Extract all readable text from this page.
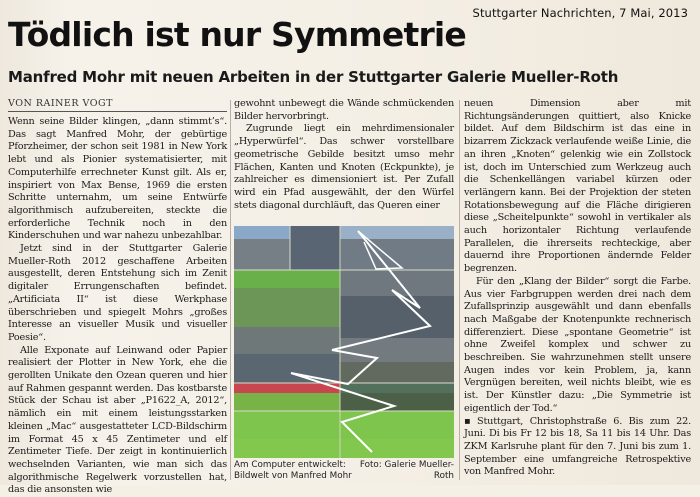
Stuttgarter Nachrichten, 7 Mai, 2013
Tödlich ist nur Symmetrie
Manfred Mohr mit neuen Arbeiten in der Stuttgarter Galerie Mueller-Roth
VON RAINER VOGT

Wenn seine Bilder klingen, „dann stimmt’s“. Das sagt Manfred Mohr, der gebürtige Pforzheimer, der schon seit 1981 in New York lebt und als Pionier systematisierter, mit Computerhilfe errechneter Kunst gilt. Als er, inspiriert von Max Bense, 1969 die ersten Schritte unternahm, um seine Entwürfe algorithmisch aufzubereiten, steckte die erforderliche Technik noch in den Kinderschuhen und war nahezu unbezahlbar.

Jetzt sind in der Stuttgarter Galerie Mueller-Roth 2012 geschaffene Arbeiten ausgestellt, deren Entstehung sich im Zenit digitaler Errungenschaften befindet. „Artificiata II“ ist diese Werkphase überschrieben und spiegelt Mohrs „großes Interesse an visueller Musik und visueller Poesie“.

Alle Exponate auf Leinwand oder Papier realisiert der Plotter in New York, ehe die gerollten Unikate den Ozean queren und hier auf Rahmen gespannt werden. Das kostbarste Stück der Schau ist aber „P1622_A, 2012“, nämlich ein mit einem leistungsstarken kleinen „Mac“ ausgestatteter LCD-Bildschirm im Format 45 x 45 Zentimeter und elf Zentimeter Tiefe. Der zeigt in kontinuierlich wechselnden Varianten, wie man sich das algorithmische Regelwerk vorzustellen hat, das die ansonsten wie

gewohnt unbewegt die Wände schmückenden Bilder hervorbringt.

Zugrunde liegt ein mehrdimensionaler „Hyperwürfel“. Das schwer vorstellbare geometrische Gebilde besitzt umso mehr Flächen, Kanten und Knoten (Eckpunkte), je zahlreicher es dimensioniert ist. Per Zufall wird ein Pfad ausgewählt, der den Würfel stets diagonal durchläuft, das Queren einer

Am Computer entwickelt: Bildwelt von Manfred Mohr
Foto: Galerie Mueller-Roth

neuen Dimension aber mit Richtungsänderungen quittiert, also Knicke bildet. Auf dem Bildschirm ist das eine in bizarrem Zickzack verlaufende weiße Linie, die an ihren „Knoten“ gelenkig wie ein Zollstock ist, doch im Unterschied zum Werkzeug auch die Schenkellängen variabel kürzen oder verlängern kann. Bei der Projektion der steten Rotationsbewegung auf die Fläche dirigieren diese „Scheitelpunkte“ sowohl in vertikaler als auch horizontaler Richtung verlaufende Parallelen, die ihrerseits rechteckige, aber dauernd ihre Proportionen ändernde Felder begrenzen.

Für den „Klang der Bilder“ sorgt die Farbe. Aus vier Farbgruppen werden drei nach dem Zufallsprinzip ausgewählt und dann ebenfalls nach Maßgabe der Knotenpunkte rechnerisch differenziert. Diese „spontane Geometrie“ ist ohne Zweifel komplex und schwer zu beschreiben. Sie wahrzunehmen stellt unsere Augen indes vor kein Problem, ja, kann Vergnügen bereiten, weil nichts bleibt, wie es ist. Der Künstler dazu: „Die Symmetrie ist eigentlich der Tod.“

▪ Stuttgart, Christophstraße 6. Bis zum 22. Juni. Di bis Fr 12 bis 18, Sa 11 bis 14 Uhr. Das ZKM Karlsruhe plant für den 7. Juni bis zum 1. September eine umfangreiche Retrospektive von Manfred Mohr.
